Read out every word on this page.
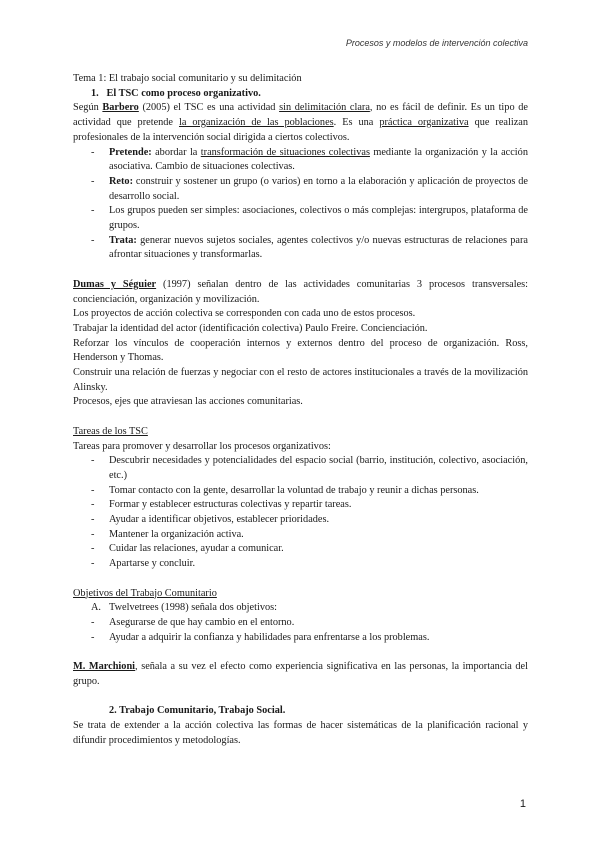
Procesos y modelos de intervención colectiva

Tema 1: El trabajo social comunitario y su delimitación

1. El TSC como proceso organizativo.

Según Barbero (2005) el TSC es una actividad sin delimitación clara, no es fácil de definir. Es un tipo de actividad que pretende la organización de las poblaciones. Es una práctica organizativa que realizan profesionales de la intervención social dirigida a ciertos colectivos.

- Pretende: abordar la transformación de situaciones colectivas mediante la organización y la acción asociativa. Cambio de situaciones colectivas.
- Reto: construir y sostener un grupo (o varios) en torno a la elaboración y aplicación de proyectos de desarrollo social.
- Los grupos pueden ser simples: asociaciones, colectivos o más complejas: intergrupos, plataforma de grupos.
- Trata: generar nuevos sujetos sociales, agentes colectivos y/o nuevas estructuras de relaciones para afrontar situaciones y transformarlas.

Dumas y Séguier (1997) señalan dentro de las actividades comunitarias 3 procesos transversales: concienciación, organización y movilización.

Los proyectos de acción colectiva se corresponden con cada uno de estos procesos.

Trabajar la identidad del actor (identificación colectiva) Paulo Freire. Concienciación.

Reforzar los vínculos de cooperación internos y externos dentro del proceso de organización. Ross, Henderson y Thomas.

Construir una relación de fuerzas y negociar con el resto de actores institucionales a través de la movilización Alinsky.

Procesos, ejes que atraviesan las acciones comunitarias.

Tareas de los TSC

Tareas para promover y desarrollar los procesos organizativos:

- Descubrir necesidades y potencialidades del espacio social (barrio, institución, colectivo, asociación, etc.)
- Tomar contacto con la gente, desarrollar la voluntad de trabajo y reunir a dichas personas.
- Formar y establecer estructuras colectivas y repartir tareas.
- Ayudar a identificar objetivos, establecer prioridades.
- Mantener la organización activa.
- Cuidar las relaciones, ayudar a comunicar.
- Apartarse y concluir.

Objetivos del Trabajo Comunitario

A. Twelvetrees (1998) señala dos objetivos:
- Asegurarse de que hay cambio en el entorno.
- Ayudar a adquirir la confianza y habilidades para enfrentarse a los problemas.

M. Marchioni, señala a su vez el efecto como experiencia significativa en las personas, la importancia del grupo.

2. Trabajo Comunitario, Trabajo Social.

Se trata de extender a la acción colectiva las formas de hacer sistemáticas de la planificación racional y difundir procedimientos y metodologías.

1
